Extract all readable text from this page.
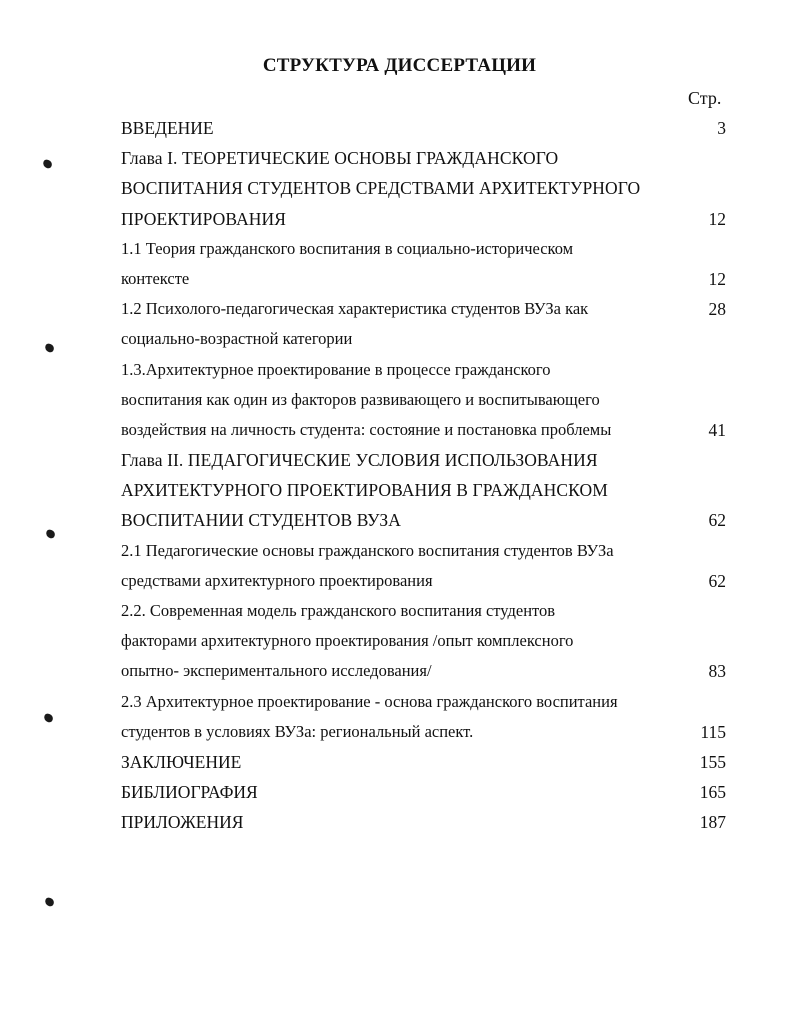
СТРУКТУРА ДИССЕРТАЦИИ
Стр.
ВВЕДЕНИЕ	3
Глава I. ТЕОРЕТИЧЕСКИЕ ОСНОВЫ ГРАЖДАНСКОГО
ВОСПИТАНИЯ СТУДЕНТОВ СРЕДСТВАМИ АРХИТЕКТУРНОГО
ПРОЕКТИРОВАНИЯ	12
1.1 Теория гражданского воспитания в социально-историческом
контексте	12
1.2 Психолого-педагогическая характеристика студентов ВУЗа как	28
социально-возрастной категории
1.3.Архитектурное проектирование в процессе гражданского
воспитания как один из факторов развивающего и воспитывающего
воздействия на личность студента: состояние и постановка проблемы	41
Глава II. ПЕДАГОГИЧЕСКИЕ УСЛОВИЯ ИСПОЛЬЗОВАНИЯ
АРХИТЕКТУРНОГО ПРОЕКТИРОВАНИЯ В ГРАЖДАНСКОМ
ВОСПИТАНИИ СТУДЕНТОВ ВУЗА	62
2.1 Педагогические основы гражданского воспитания студентов ВУЗа
средствами архитектурного проектирования	62
2.2. Современная модель гражданского воспитания студентов
факторами архитектурного проектирования /опыт комплексного
опытно- экспериментального исследования/	83
2.3 Архитектурное проектирование - основа гражданского воспитания
студентов в условиях ВУЗа: региональный аспект.	115
ЗАКЛЮЧЕНИЕ	155
БИБЛИОГРАФИЯ	165
ПРИЛОЖЕНИЯ	187
